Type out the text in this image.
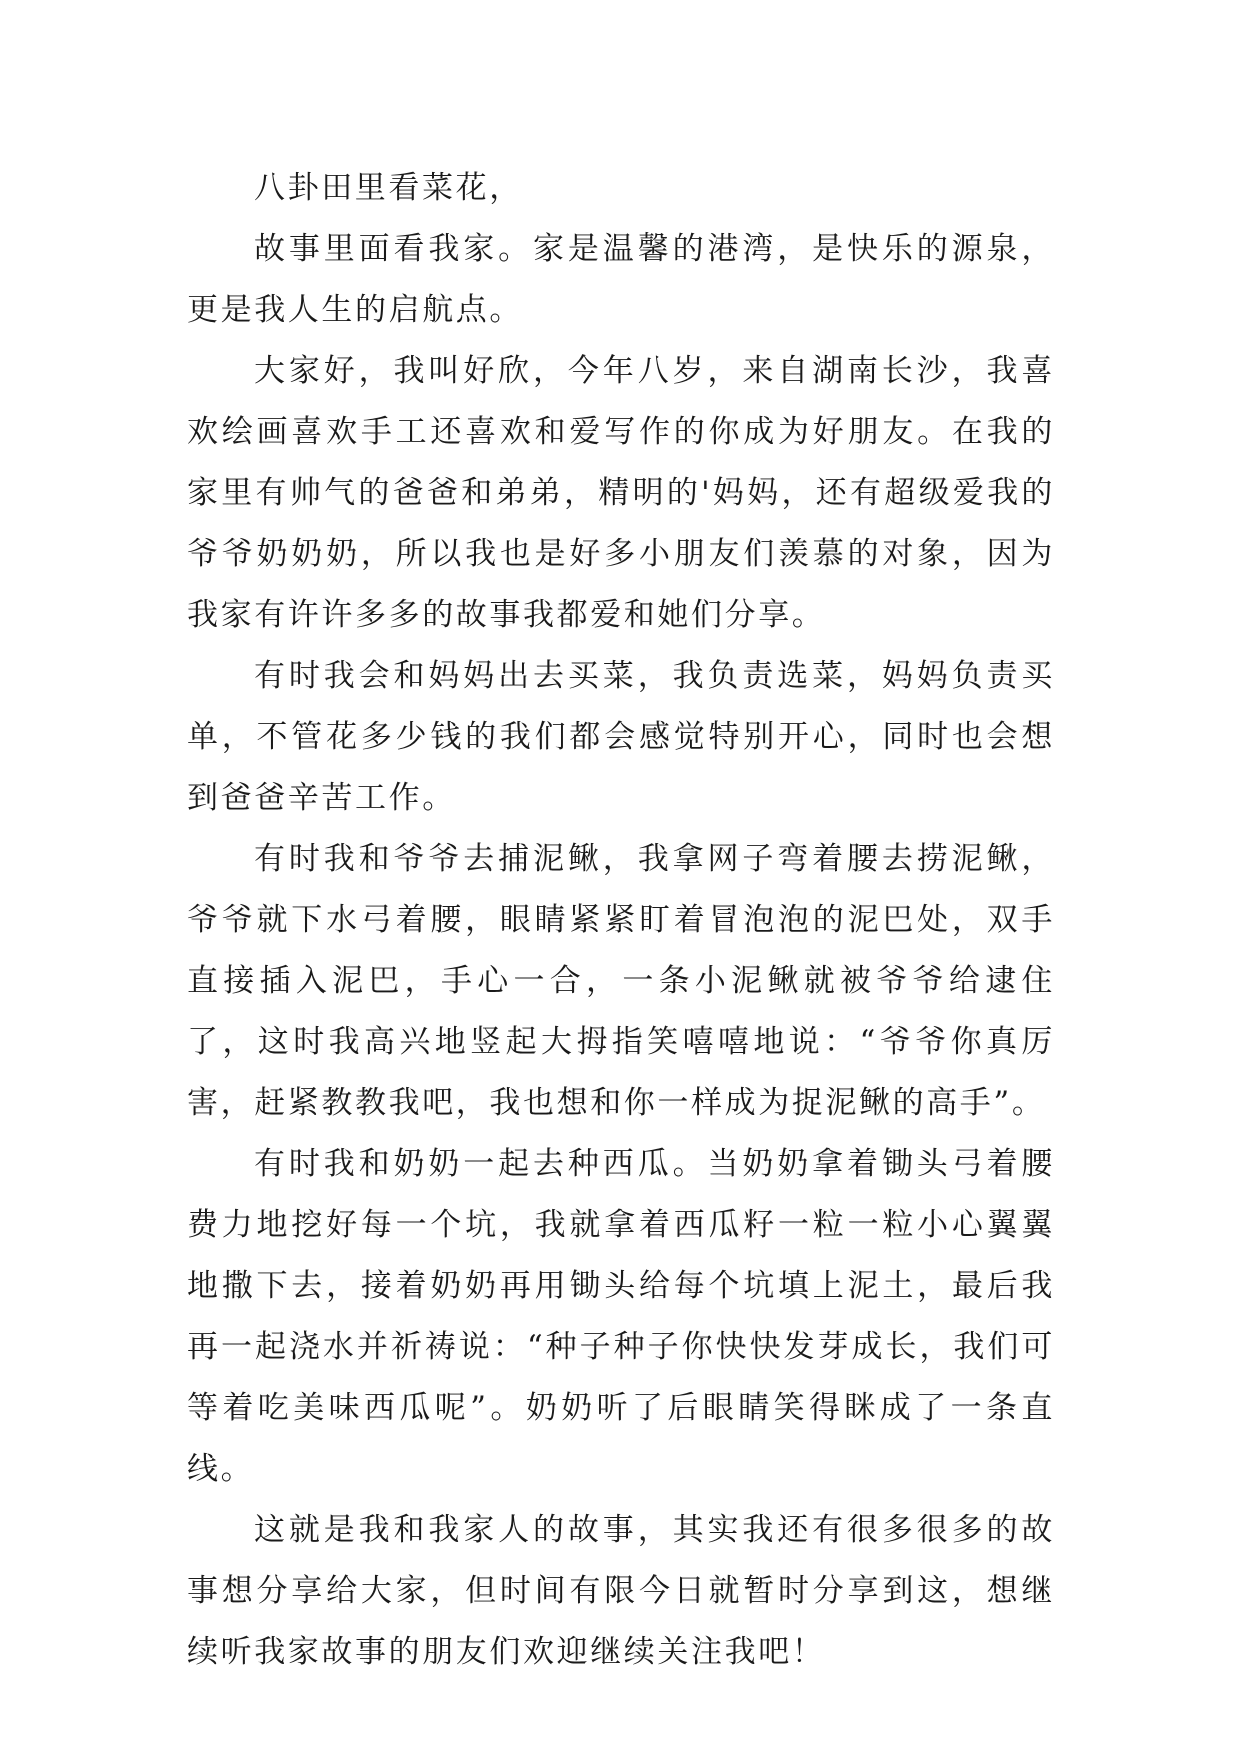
八卦田里看菜花，

故事里面看我家。家是温馨的港湾，是快乐的源泉，更是我人生的启航点。

大家好，我叫好欣，今年八岁，来自湖南长沙，我喜欢绘画喜欢手工还喜欢和爱写作的你成为好朋友。在我的家里有帅气的爸爸和弟弟，精明的'妈妈，还有超级爱我的爷爷奶奶奶，所以我也是好多小朋友们羡慕的对象，因为我家有许许多多的故事我都爱和她们分享。

有时我会和妈妈出去买菜，我负责选菜，妈妈负责买单，不管花多少钱的我们都会感觉特别开心，同时也会想到爸爸辛苦工作。

有时我和爷爷去捕泥鳅，我拿网子弯着腰去捞泥鳅，爷爷就下水弓着腰，眼睛紧紧盯着冒泡泡的泥巴处，双手直接插入泥巴，手心一合，一条小泥鳅就被爷爷给逮住了，这时我高兴地竖起大拇指笑嘻嘻地说：“爷爷你真厉害，赶紧教教我吧，我也想和你一样成为捉泥鳅的高手”。

有时我和奶奶一起去种西瓜。当奶奶拿着锄头弓着腰费力地挖好每一个坑，我就拿着西瓜籽一粒一粒小心翼翼地撒下去，接着奶奶再用锄头给每个坑填上泥土，最后我再一起浇水并祈祷说：“种子种子你快快发芽成长，我们可等着吃美味西瓜呢”。奶奶听了后眼睛笑得眯成了一条直线。

这就是我和我家人的故事，其实我还有很多很多的故事想分享给大家，但时间有限今日就暂时分享到这，想继续听我家故事的朋友们欢迎继续关注我吧！
